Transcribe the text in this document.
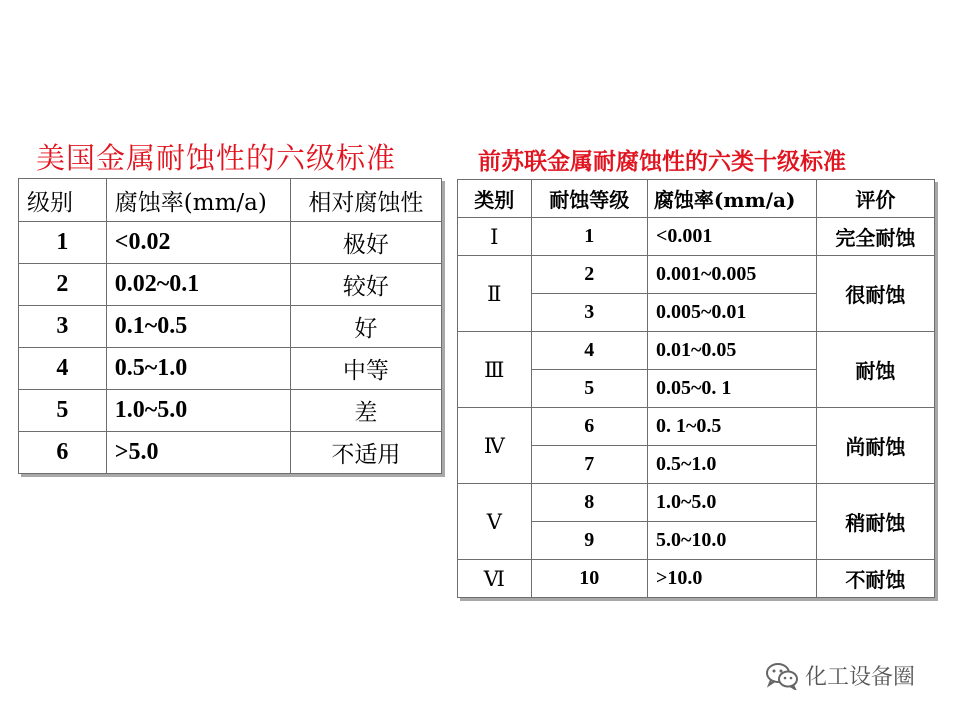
美国金属耐蚀性的六级标准
级别	腐蚀率(mm/a)	相对腐蚀性
1	<0.02	极好
2	0.02~0.1	较好
3	0.1~0.5	好
4	0.5~1.0	中等
5	1.0~5.0	差
6	>5.0	不适用
前苏联金属耐腐蚀性的六类十级标准
类别	耐蚀等级	腐蚀率(mm/a)	评价
Ⅰ	1	<0.001	完全耐蚀
Ⅱ	2	0.001~0.005	很耐蚀
	3	0.005~0.01	
Ⅲ	4	0.01~0.05	耐蚀
	5	0.05~0. 1	
Ⅳ	6	0. 1~0.5	尚耐蚀
	7	0.5~1.0	
Ⅴ	8	1.0~5.0	稍耐蚀
	9	5.0~10.0	
Ⅵ	10	>10.0	不耐蚀
化工设备圈
